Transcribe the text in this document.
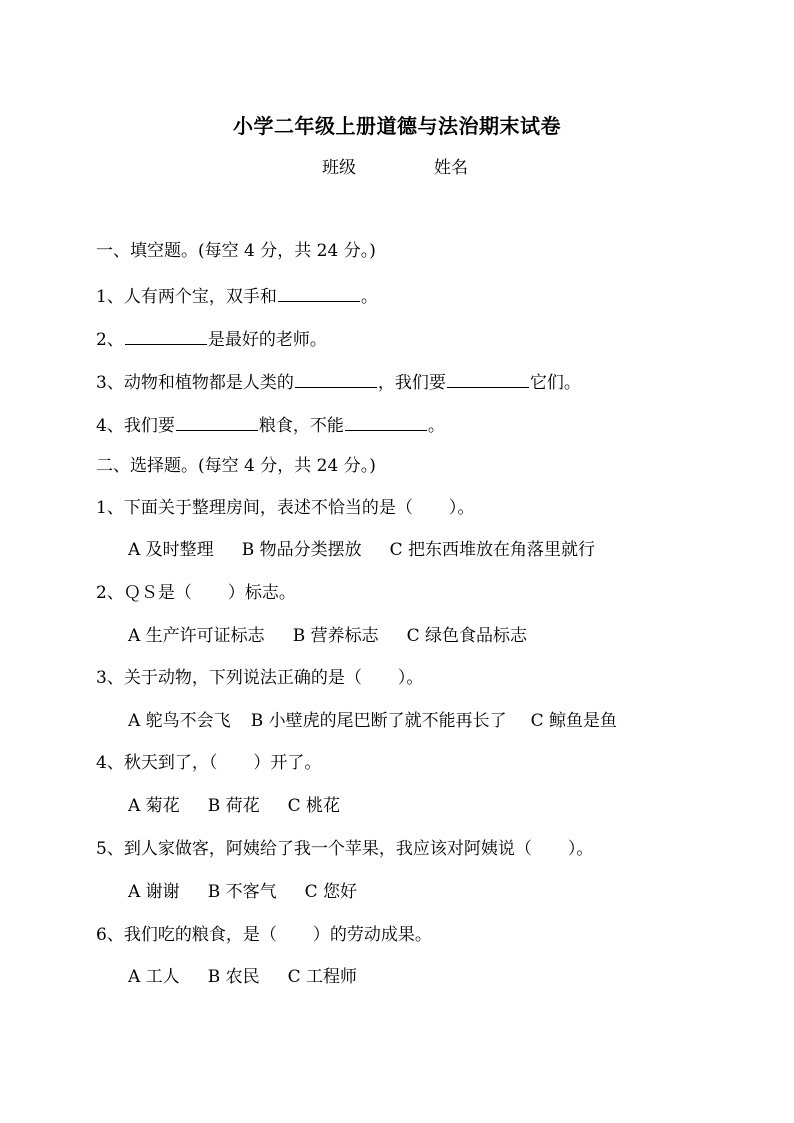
小学二年级上册道德与法治期末试卷
班级	姓名
一、填空题。(每空 4 分，共 24 分。)
1、人有两个宝，双手和	。
2、	是最好的老师。
3、动物和植物都是人类的	，我们要	它们。
4、我们要	粮食，不能	。
二、选择题。(每空 4 分，共 24 分。)
1、下面关于整理房间，表述不恰当的是（ ）。
A 及时整理 B 物品分类摆放 C 把东西堆放在角落里就行
2、ＱＳ是（ ）标志。
A 生产许可证标志 B 营养标志 C 绿色食品标志
3、关于动物，下列说法正确的是（ ）。
A 鸵鸟不会飞 B 小壁虎的尾巴断了就不能再长了 C 鲸鱼是鱼
4、秋天到了，（ ）开了。
A 菊花 B 荷花 C 桃花
5、到人家做客，阿姨给了我一个苹果，我应该对阿姨说（ ）。
A 谢谢 B 不客气 C 您好
6、我们吃的粮食，是（ ）的劳动成果。
A 工人 B 农民 C 工程师
